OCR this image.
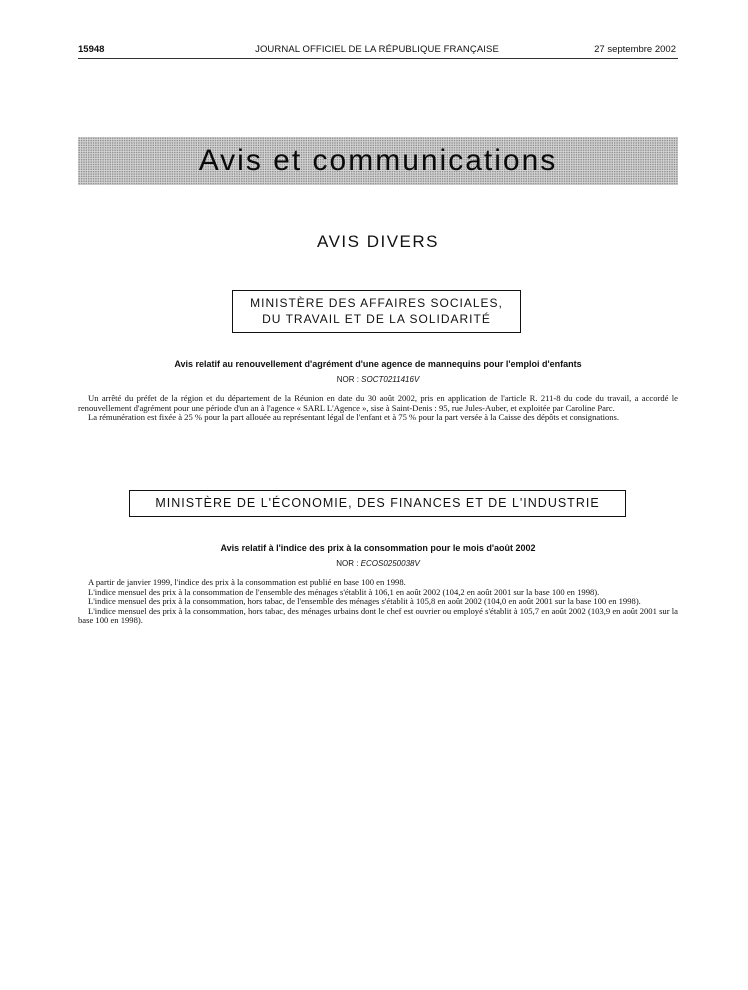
15948	JOURNAL OFFICIEL DE LA RÉPUBLIQUE FRANÇAISE	27 septembre 2002
Avis et communications
AVIS DIVERS
MINISTÈRE DES AFFAIRES SOCIALES,
DU TRAVAIL ET DE LA SOLIDARITÉ
Avis relatif au renouvellement d'agrément d'une agence de mannequins pour l'emploi d'enfants
NOR : SOCT0211416V

Un arrêté du préfet de la région et du département de la Réunion en date du 30 août 2002, pris en application de l'article R. 211-8 du code du travail, a accordé le renouvellement d'agrément pour une période d'un an à l'agence « SARL L'Agence », sise à Saint-Denis : 95, rue Jules-Auber, et exploitée par Caroline Parc.

La rémunération est fixée à 25 % pour la part allouée au représentant légal de l'enfant et à 75 % pour la part versée à la Caisse des dépôts et consignations.

MINISTÈRE DE L'ÉCONOMIE, DES FINANCES ET DE L'INDUSTRIE
Avis relatif à l'indice des prix à la consommation pour le mois d'août 2002
NOR : ECOS0250038V

A partir de janvier 1999, l'indice des prix à la consommation est publié en base 100 en 1998.

L'indice mensuel des prix à la consommation de l'ensemble des ménages s'établit à 106,1 en août 2002 (104,2 en août 2001 sur la base 100 en 1998).

L'indice mensuel des prix à la consommation, hors tabac, de l'ensemble des ménages s'établit à 105,8 en août 2002 (104,0 en août 2001 sur la base 100 en 1998).

L'indice mensuel des prix à la consommation, hors tabac, des ménages urbains dont le chef est ouvrier ou employé s'établit à 105,7 en août 2002 (103,9 en août 2001 sur la base 100 en 1998).
